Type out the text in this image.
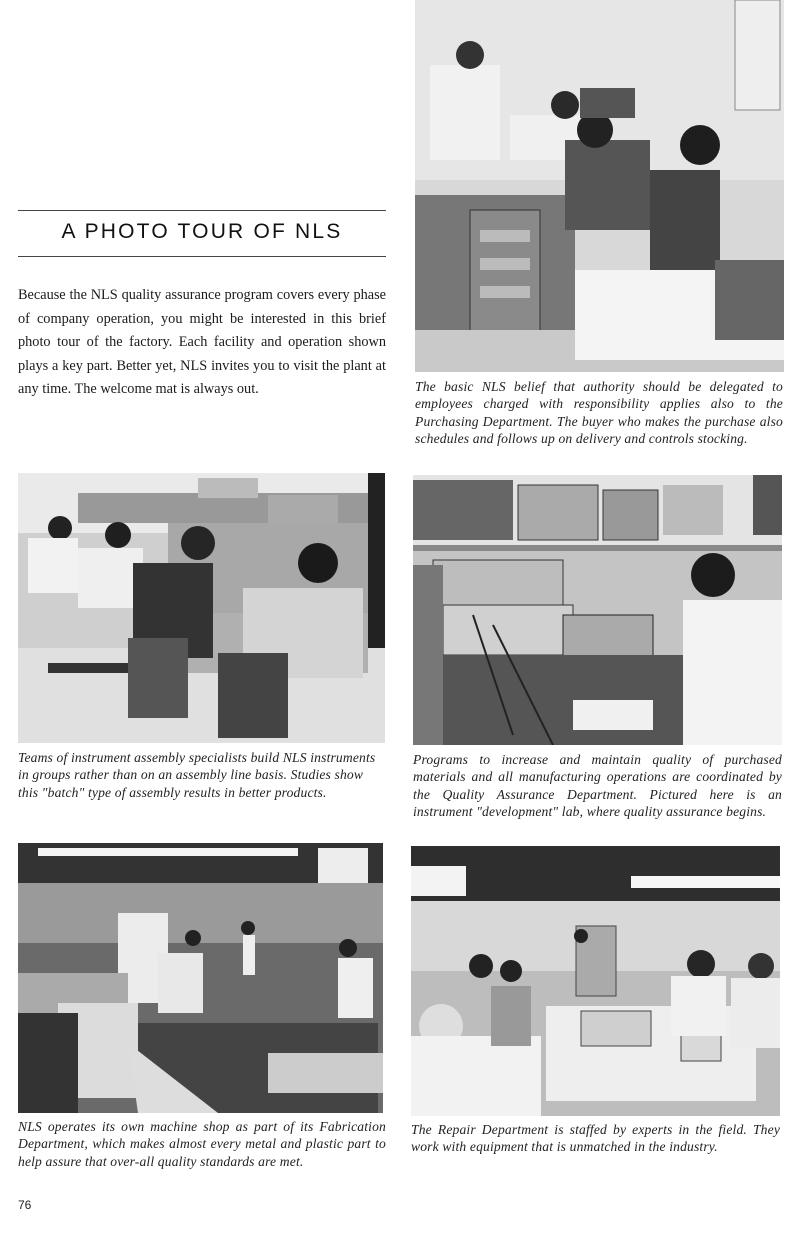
A PHOTO TOUR OF NLS

Because the NLS quality assurance program covers every phase of company operation, you might be interested in this brief photo tour of the factory. Each facility and operation shown plays a key part. Better yet, NLS invites you to visit the plant at any time. The welcome mat is always out.	The basic NLS belief that authority should be delegated to employees charged with responsibility applies also to the Purchasing Department. The buyer who makes the purchase also schedules and follows up on delivery and controls stocking.

Teams of instrument assembly specialists build NLS instruments in groups rather than on an assembly line basis. Studies show this "batch" type of assembly results in better products.

Programs to increase and maintain quality of purchased materials and all manufacturing operations are coordinated by the Quality Assurance Department. Pictured here is an instrument "development" lab, where quality assurance begins.

NLS operates its own machine shop as part of its Fabrication Department, which makes almost every metal and plastic part to help assure that over-all quality standards are met.

The Repair Department is staffed by experts in the field. They work with equipment that is unmatched in the industry.

76
